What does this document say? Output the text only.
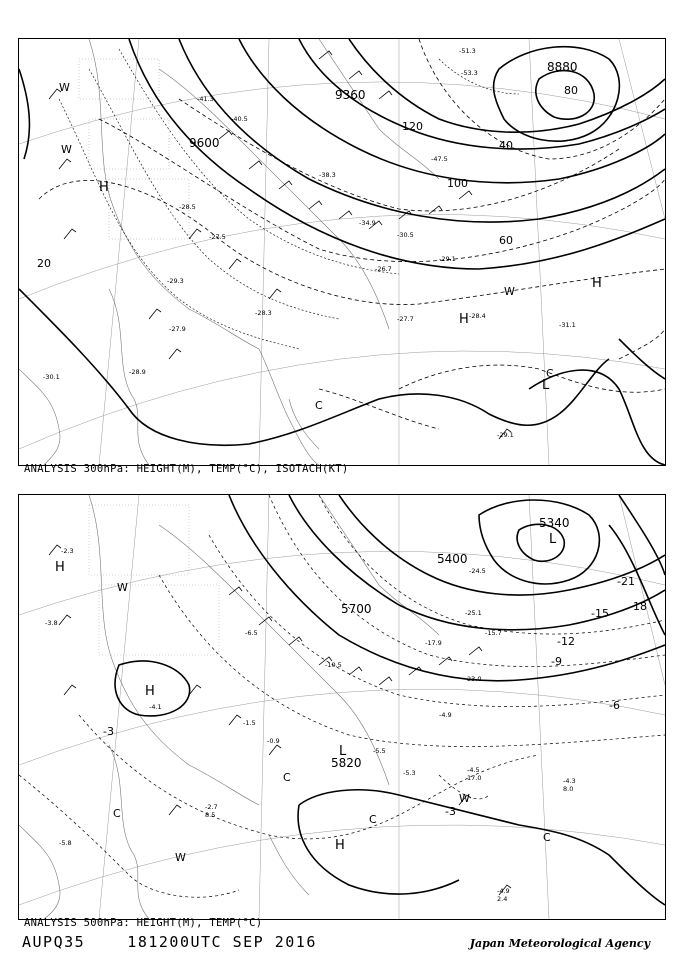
8880
9360
9600
20
40
60
80
100
120
H
H
H
L
C
C
W
W
W
-41.3
-40.5
-47.5
-51.3
-53.3
-38.3
-34.9
-30.5
-28.5
-27.5
-26.7
-29.1
-31.1
-27.7
-28.3	-28.4
-27.9
-30.1
-29.3
-28.9
-29.1
ANALYSIS 300hPa: HEIGHT(M), TEMP(°C), ISOTACH(KT)
5340
5400
5700
5820
-21
-18
-15
-12
-9
-6
-3
-3
H
H
H
L
L
C
C
C
C
W
W
W
-25.1
-24.5
-17.9
-15.7
-10.5
-6.5
-5.5
-5.3
-4.9
-4.5
-4.3
-4.9
-2.7
-2.3
-3.8
-5.8
-4.1
-1.5
-0.9
23.0
17.0
8.0
2.4
8.5
ANALYSIS 500hPa: HEIGHT(M), TEMP(°C)
AUPQ35    181200UTC SEP 2016	Japan Meteorological Agency
